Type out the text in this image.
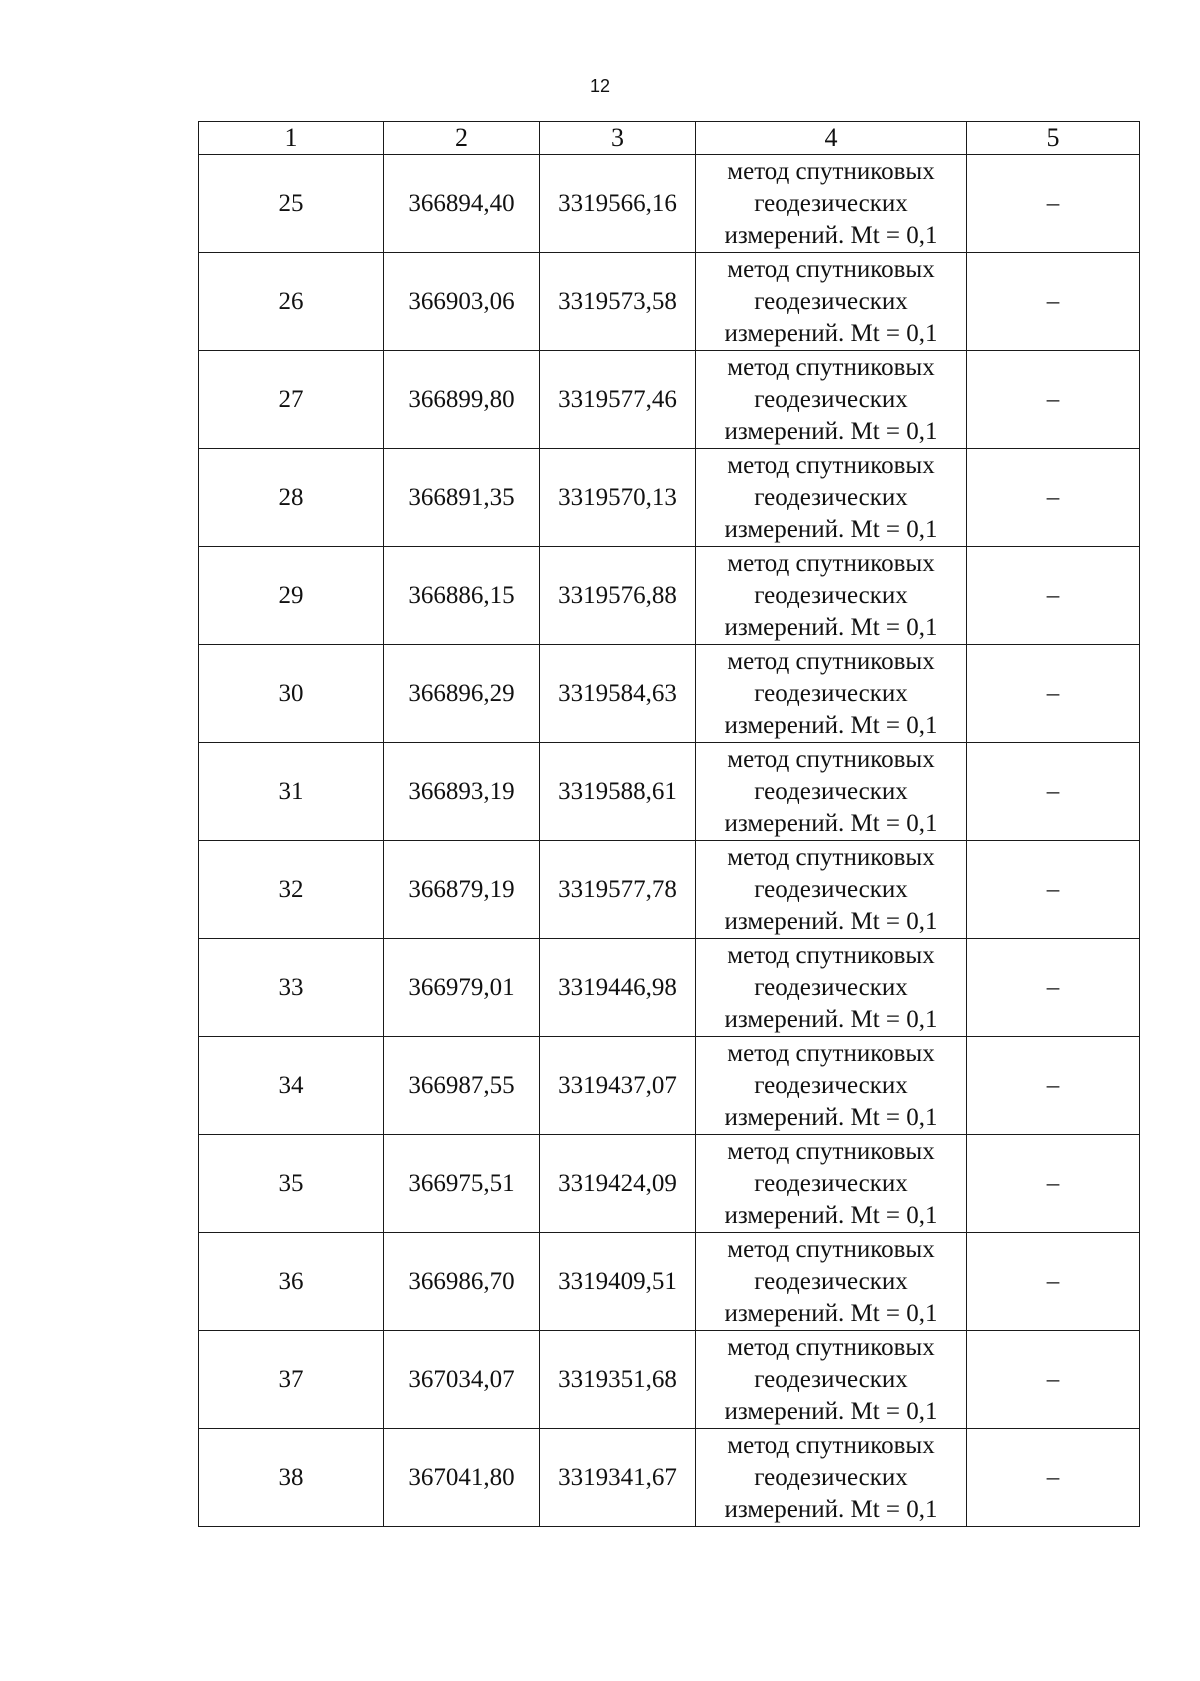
12
1	2	3	4	5
25	366894,40	3319566,16	метод спутниковых
геодезических
измерений. Mt = 0,1	–
26	366903,06	3319573,58	метод спутниковых
геодезических
измерений. Mt = 0,1	–
27	366899,80	3319577,46	метод спутниковых
геодезических
измерений. Mt = 0,1	–
28	366891,35	3319570,13	метод спутниковых
геодезических
измерений. Mt = 0,1	–
29	366886,15	3319576,88	метод спутниковых
геодезических
измерений. Mt = 0,1	–
30	366896,29	3319584,63	метод спутниковых
геодезических
измерений. Mt = 0,1	–
31	366893,19	3319588,61	метод спутниковых
геодезических
измерений. Mt = 0,1	–
32	366879,19	3319577,78	метод спутниковых
геодезических
измерений. Mt = 0,1	–
33	366979,01	3319446,98	метод спутниковых
геодезических
измерений. Mt = 0,1	–
34	366987,55	3319437,07	метод спутниковых
геодезических
измерений. Mt = 0,1	–
35	366975,51	3319424,09	метод спутниковых
геодезических
измерений. Mt = 0,1	–
36	366986,70	3319409,51	метод спутниковых
геодезических
измерений. Mt = 0,1	–
37	367034,07	3319351,68	метод спутниковых
геодезических
измерений. Mt = 0,1	–
38	367041,80	3319341,67	метод спутниковых
геодезических
измерений. Mt = 0,1	–
